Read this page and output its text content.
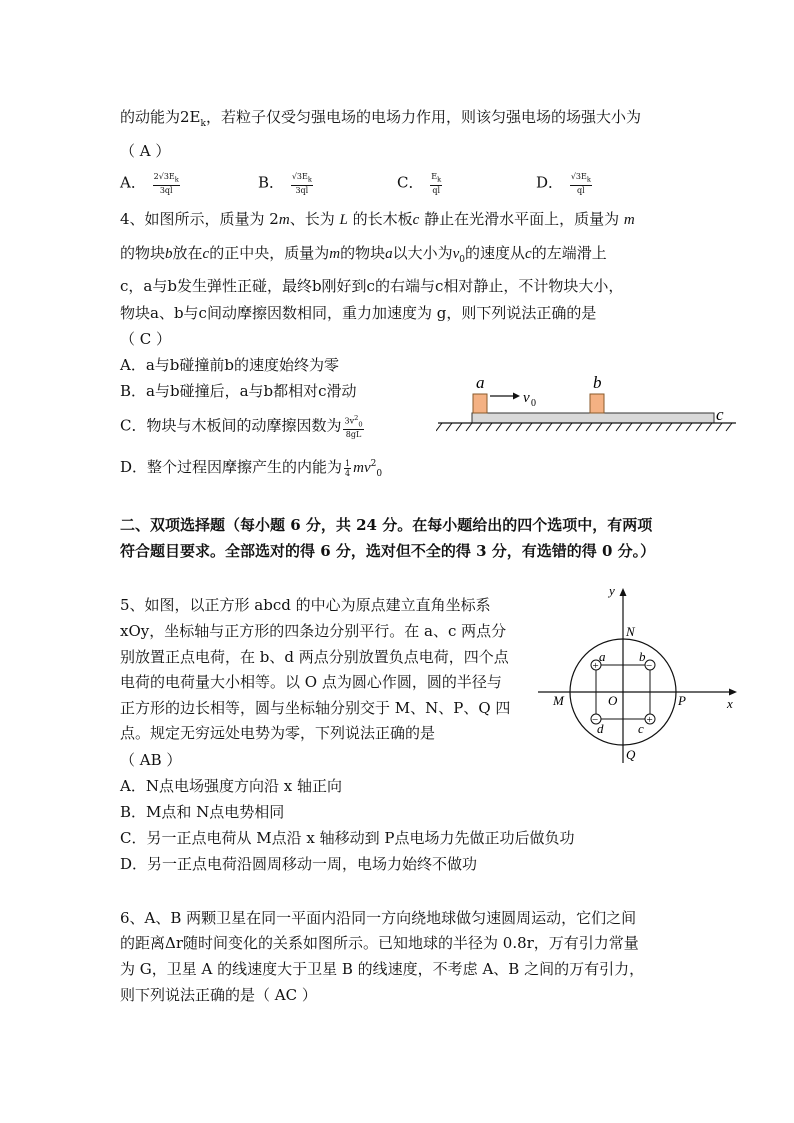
的动能为$2E_k$，若粒子仅受匀强电场的电场力作用，则该匀强电场的场强大小为
（ A ）
A． $\frac{2√3E_k}{3ql}$	B． $\frac{√3E_k}{3ql}$	C． $\frac{E_k}{ql}$	D． $\frac{√3E_k}{ql}$
4、如图所示，质量为 2m、长为 L 的长木板c 静止在光滑水平面上，质量为 m
的物块b放在c的正中央，质量为m的物块a以大小为$v_0$的速度从c的左端滑上
c，a与b发生弹性正碰，最终b刚好到c的右端与c相对静止，不计物块大小，
物块a、b与c间动摩擦因数相同，重力加速度为 g，则下列说法正确的是
（ C ）
A．a与b碰撞前b的速度始终为零
B．a与b碰撞后，a与b都相对c滑动
C．物块与木板间的动摩擦因数为 $\frac{3v^2_0}{8gL}$
D．整个过程因摩擦产生的内能为 $\frac{1}{4} mv^2_0$
a	b
c
v 0
二、双项选择题（每小题 6 分，共 24 分。在每小题给出的四个选项中，有两项
符合题目要求。全部选对的得 6 分，选对但不全的得 3 分，有选错的得 0 分。）
5、如图，以正方形 abcd 的中心为原点建立直角坐标系
xOy，坐标轴与正方形的四条边分别平行。在 a、c 两点分
别放置正点电荷，在 b、d 两点分别放置负点电荷，四个点
电荷的电荷量大小相等。以 O 点为圆心作圆，圆的半径与
正方形的边长相等，圆与坐标轴分别交于 M、N、P、Q 四
点。规定无穷远处电势为零，下列说法正确的是
（ AB ）
A．N点电场强度方向沿 x 轴正向
B．M点和 N点电势相同
C．另一正点电荷从 M点沿 x 轴移动到 P点电场力先做正功后做负功
D．另一正点电荷沿圆周移动一周，电场力始终不做功
+
+
−
−
a	b
c
d
y
x
N
M	O	P
Q
6、A、B 两颗卫星在同一平面内沿同一方向绕地球做匀速圆周运动，它们之间
的距离Δr随时间变化的关系如图所示。已知地球的半径为 0.8r，万有引力常量
为 G，卫星 A 的线速度大于卫星 B 的线速度，不考虑 A、B 之间的万有引力，
则下列说法正确的是（ AC ）
